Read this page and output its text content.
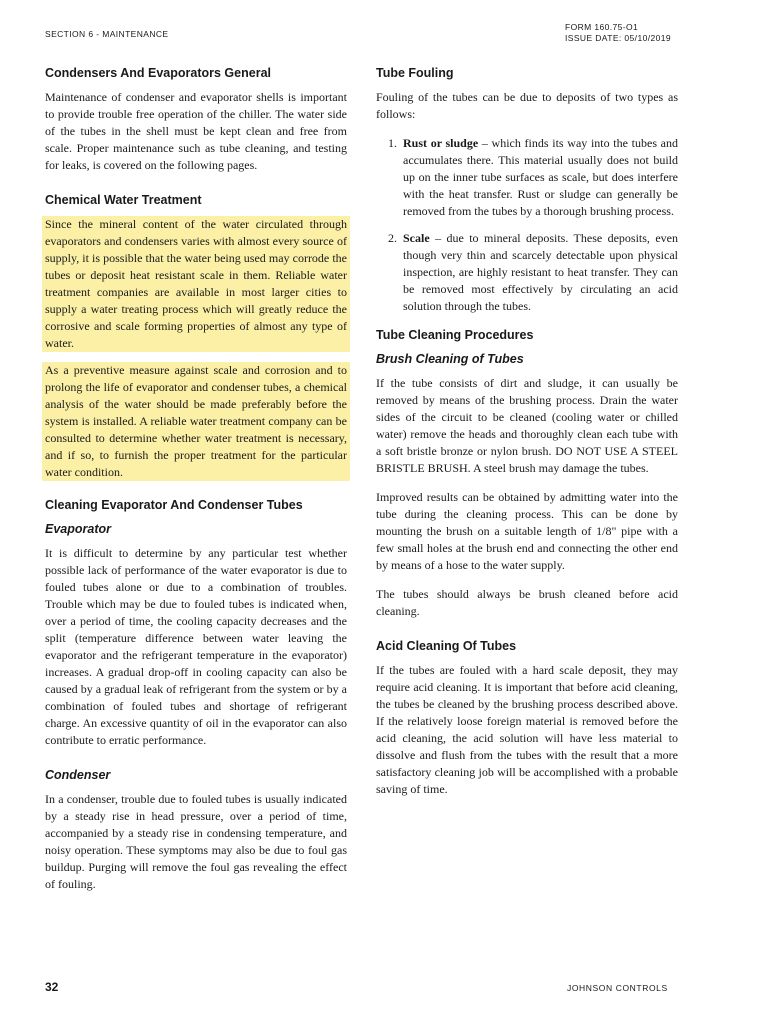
SECTION 6 - MAINTENANCE
FORM 160.75-O1
ISSUE DATE: 05/10/2019
Condensers And Evaporators General

Maintenance of condenser and evaporator shells is important to provide trouble free operation of the chiller. The water side of the tubes in the shell must be kept clean and free from scale. Proper maintenance such as tube cleaning, and testing for leaks, is covered on the following pages.

Chemical Water Treatment

Since the mineral content of the water circulated through evaporators and condensers varies with almost every source of supply, it is possible that the water being used may corrode the tubes or deposit heat resistant scale in them. Reliable water treatment companies are available in most larger cities to supply a water treating process which will greatly reduce the corrosive and scale forming properties of almost any type of water.

As a preventive measure against scale and corrosion and to prolong the life of evaporator and condenser tubes, a chemical analysis of the water should be made preferably before the system is installed. A reliable water treatment company can be consulted to determine whether water treatment is necessary, and if so, to furnish the proper treatment for the particular water condition.

Cleaning Evaporator And Condenser Tubes
Evaporator

It is difficult to determine by any particular test whether possible lack of performance of the water evaporator is due to fouled tubes alone or due to a combination of troubles. Trouble which may be due to fouled tubes is indicated when, over a period of time, the cooling capacity decreases and the split (temperature difference between water leaving the evaporator and the refrigerant temperature in the evaporator) increases. A gradual drop-off in cooling capacity can also be caused by a gradual leak of refrigerant from the system or by a combination of fouled tubes and shortage of refrigerant charge. An excessive quantity of oil in the evaporator can also contribute to erratic performance.

Condenser

In a condenser, trouble due to fouled tubes is usually indicated by a steady rise in head pressure, over a period of time, accompanied by a steady rise in condensing temperature, and noisy operation. These symptoms may also be due to foul gas buildup. Purging will remove the foul gas revealing the effect of fouling.

Tube Fouling

Fouling of the tubes can be due to deposits of two types as follows:

1. Rust or sludge – which finds its way into the tubes and accumulates there. This material usually does not build up on the inner tube surfaces as scale, but does interfere with the heat transfer. Rust or sludge can generally be removed from the tubes by a thorough brushing process.
2. Scale – due to mineral deposits. These deposits, even though very thin and scarcely detectable upon physical inspection, are highly resistant to heat transfer. They can be removed most effectively by circulating an acid solution through the tubes.
Tube Cleaning Procedures
Brush Cleaning of Tubes

If the tube consists of dirt and sludge, it can usually be removed by means of the brushing process. Drain the water sides of the circuit to be cleaned (cooling water or chilled water) remove the heads and thoroughly clean each tube with a soft bristle bronze or nylon brush. DO NOT USE A STEEL BRISTLE BRUSH. A steel brush may damage the tubes.

Improved results can be obtained by admitting water into the tube during the cleaning process. This can be done by mounting the brush on a suitable length of 1/8" pipe with a few small holes at the brush end and connecting the other end by means of a hose to the water supply.

The tubes should always be brush cleaned before acid cleaning.

Acid Cleaning Of Tubes

If the tubes are fouled with a hard scale deposit, they may require acid cleaning. It is important that before acid cleaning, the tubes be cleaned by the brushing process described above. If the relatively loose foreign material is removed before the acid cleaning, the acid solution will have less material to dissolve and flush from the tubes with the result that a more satisfactory cleaning job will be accomplished with a probable saving of time.

32	JOHNSON CONTROLS
